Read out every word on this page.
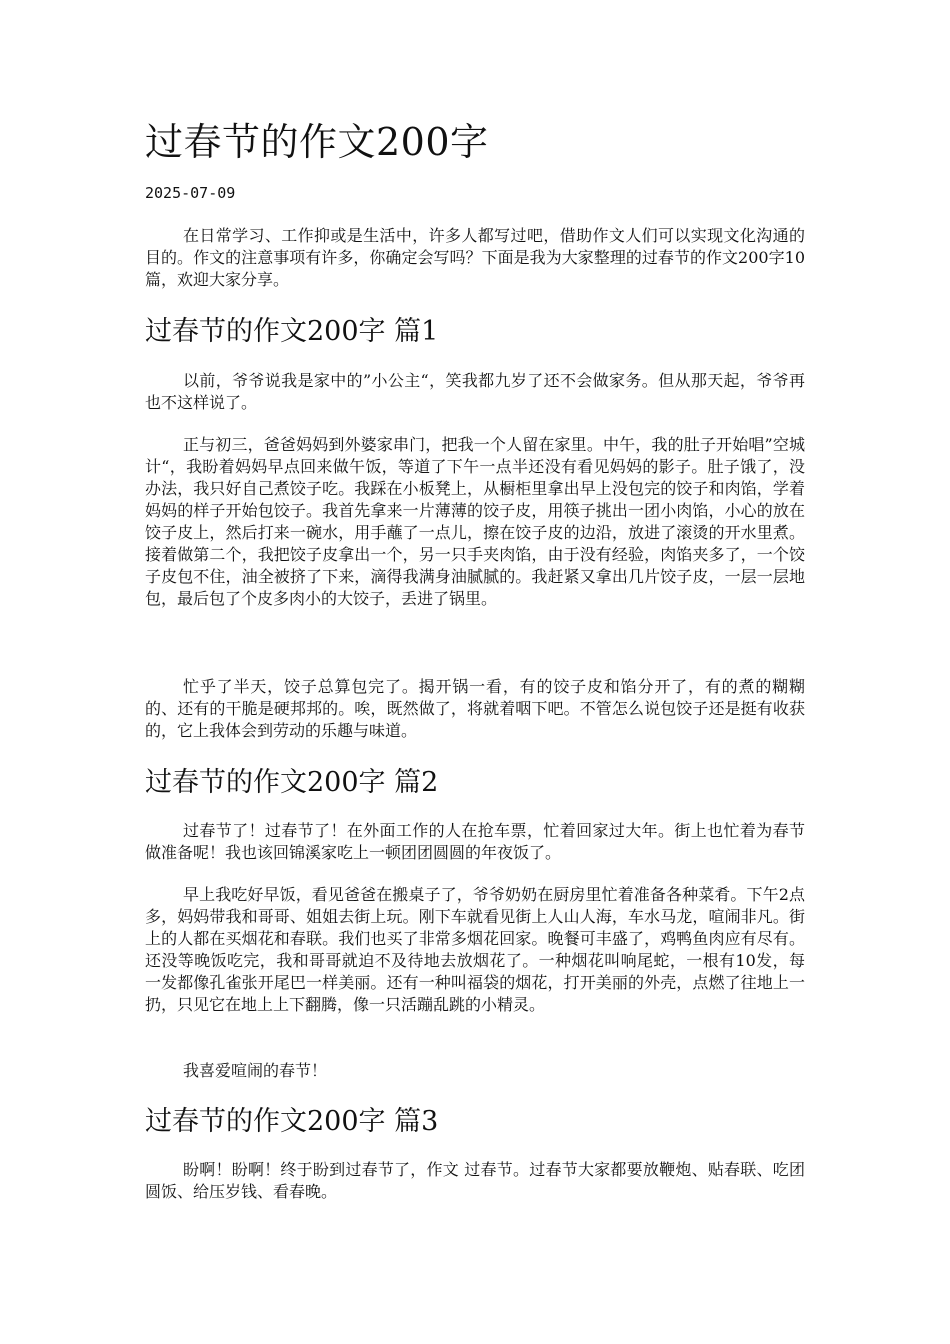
过春节的作文200字
2025-07-09

在日常学习、工作抑或是生活中，许多人都写过吧，借助作文人们可以实现文化沟通的目的。作文的注意事项有许多，你确定会写吗？下面是我为大家整理的过春节的作文200字10篇，欢迎大家分享。

过春节的作文200字 篇1

以前，爷爷说我是家中的”小公主“，笑我都九岁了还不会做家务。但从那天起，爷爷再也不这样说了。

正与初三，爸爸妈妈到外婆家串门，把我一个人留在家里。中午，我的肚子开始唱”空城计“，我盼着妈妈早点回来做午饭，等道了下午一点半还没有看见妈妈的影子。肚子饿了，没办法，我只好自己煮饺子吃。我踩在小板凳上，从橱柜里拿出早上没包完的饺子和肉馅，学着妈妈的样子开始包饺子。我首先拿来一片薄薄的饺子皮，用筷子挑出一团小肉馅，小心的放在饺子皮上，然后打来一碗水，用手蘸了一点儿，擦在饺子皮的边沿，放进了滚烫的开水里煮。接着做第二个，我把饺子皮拿出一个，另一只手夹肉馅，由于没有经验，肉馅夹多了，一个饺子皮包不住，油全被挤了下来，滴得我满身油腻腻的。我赶紧又拿出几片饺子皮，一层一层地包，最后包了个皮多肉小的大饺子，丢进了锅里。

忙乎了半天，饺子总算包完了。揭开锅一看，有的饺子皮和馅分开了，有的煮的糊糊的、还有的干脆是硬邦邦的。唉，既然做了，将就着咽下吧。不管怎么说包饺子还是挺有收获的，它上我体会到劳动的乐趣与味道。

过春节的作文200字 篇2

过春节了！过春节了！在外面工作的人在抢车票，忙着回家过大年。街上也忙着为春节做准备呢！我也该回锦溪家吃上一顿团团圆圆的年夜饭了。

早上我吃好早饭，看见爸爸在搬桌子了，爷爷奶奶在厨房里忙着准备各种菜肴。下午2点多，妈妈带我和哥哥、姐姐去街上玩。刚下车就看见街上人山人海，车水马龙，喧闹非凡。街上的人都在买烟花和春联。我们也买了非常多烟花回家。晚餐可丰盛了，鸡鸭鱼肉应有尽有。还没等晚饭吃完，我和哥哥就迫不及待地去放烟花了。一种烟花叫响尾蛇，一根有10发，每一发都像孔雀张开尾巴一样美丽。还有一种叫福袋的烟花，打开美丽的外壳，点燃了往地上一扔，只见它在地上上下翻腾，像一只活蹦乱跳的小精灵。

我喜爱喧闹的春节！

过春节的作文200字 篇3

盼啊！盼啊！终于盼到过春节了，作文 过春节。过春节大家都要放鞭炮、贴春联、吃团圆饭、给压岁钱、看春晚。
